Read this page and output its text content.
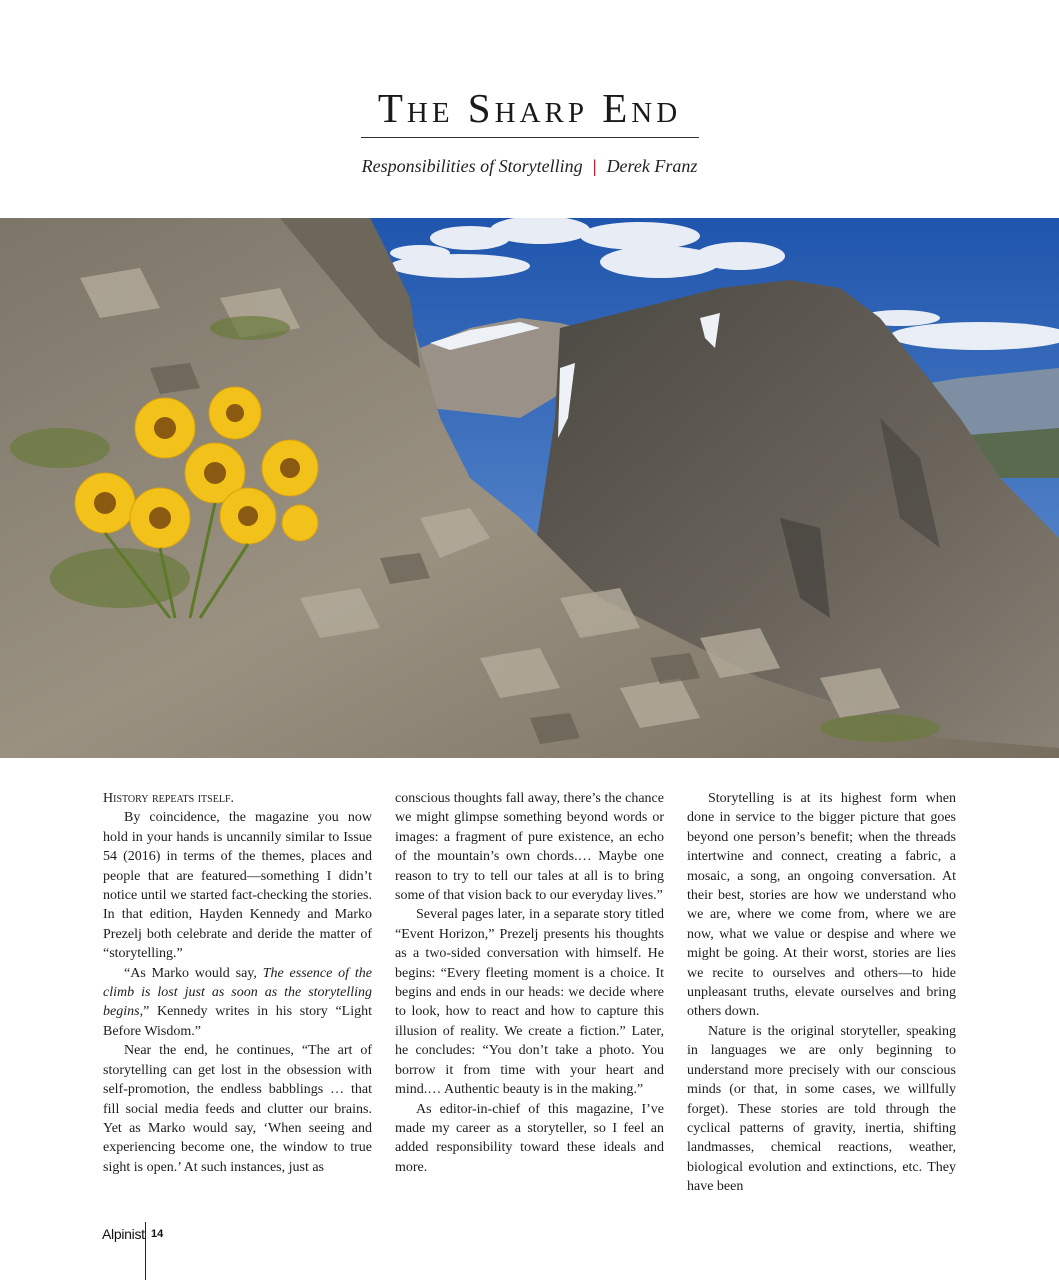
The Sharp End
Responsibilities of Storytelling | Derek Franz

History repeats itself.

By coincidence, the magazine you now hold in your hands is uncannily similar to Issue 54 (2016) in terms of the themes, places and people that are featured—something I didn’t notice until we started fact-checking the stories. In that edition, Hayden Kennedy and Marko Prezelj both celebrate and deride the matter of “storytelling.”

“As Marko would say, The essence of the climb is lost just as soon as the storytelling begins,” Kennedy writes in his story “Light Before Wisdom.”

Near the end, he continues, “The art of storytelling can get lost in the obsession with self-promotion, the endless babblings … that fill social media feeds and clutter our brains. Yet as Marko would say, ‘When seeing and experiencing become one, the window to true sight is open.’ At such instances, just as

conscious thoughts fall away, there’s the chance we might glimpse something beyond words or images: a fragment of pure existence, an echo of the mountain’s own chords.… Maybe one reason to try to tell our tales at all is to bring some of that vision back to our everyday lives.”

Several pages later, in a separate story titled “Event Horizon,” Prezelj presents his thoughts as a two-sided conversation with himself. He begins: “Every fleeting moment is a choice. It begins and ends in our heads: we decide where to look, how to react and how to capture this illusion of reality. We create a fiction.” Later, he concludes: “You don’t take a photo. You borrow it from time with your heart and mind.… Authentic beauty is in the making.”

As editor-in-chief of this magazine, I’ve made my career as a storyteller, so I feel an added responsibility toward these ideals and more.

Storytelling is at its highest form when done in service to the bigger picture that goes beyond one person’s benefit; when the threads intertwine and connect, creating a fabric, a mosaic, a song, an ongoing conversation. At their best, stories are how we understand who we are, where we come from, where we are now, what we value or despise and where we might be going. At their worst, stories are lies we recite to ourselves and others—to hide unpleasant truths, elevate ourselves and bring others down.

Nature is the original storyteller, speaking in languages we are only beginning to understand more precisely with our conscious minds (or that, in some cases, we willfully forget). These stories are told through the cyclical patterns of gravity, inertia, shifting landmasses, chemical reactions, weather, biological evolution and extinctions, etc. They have been

Alpinist 14
